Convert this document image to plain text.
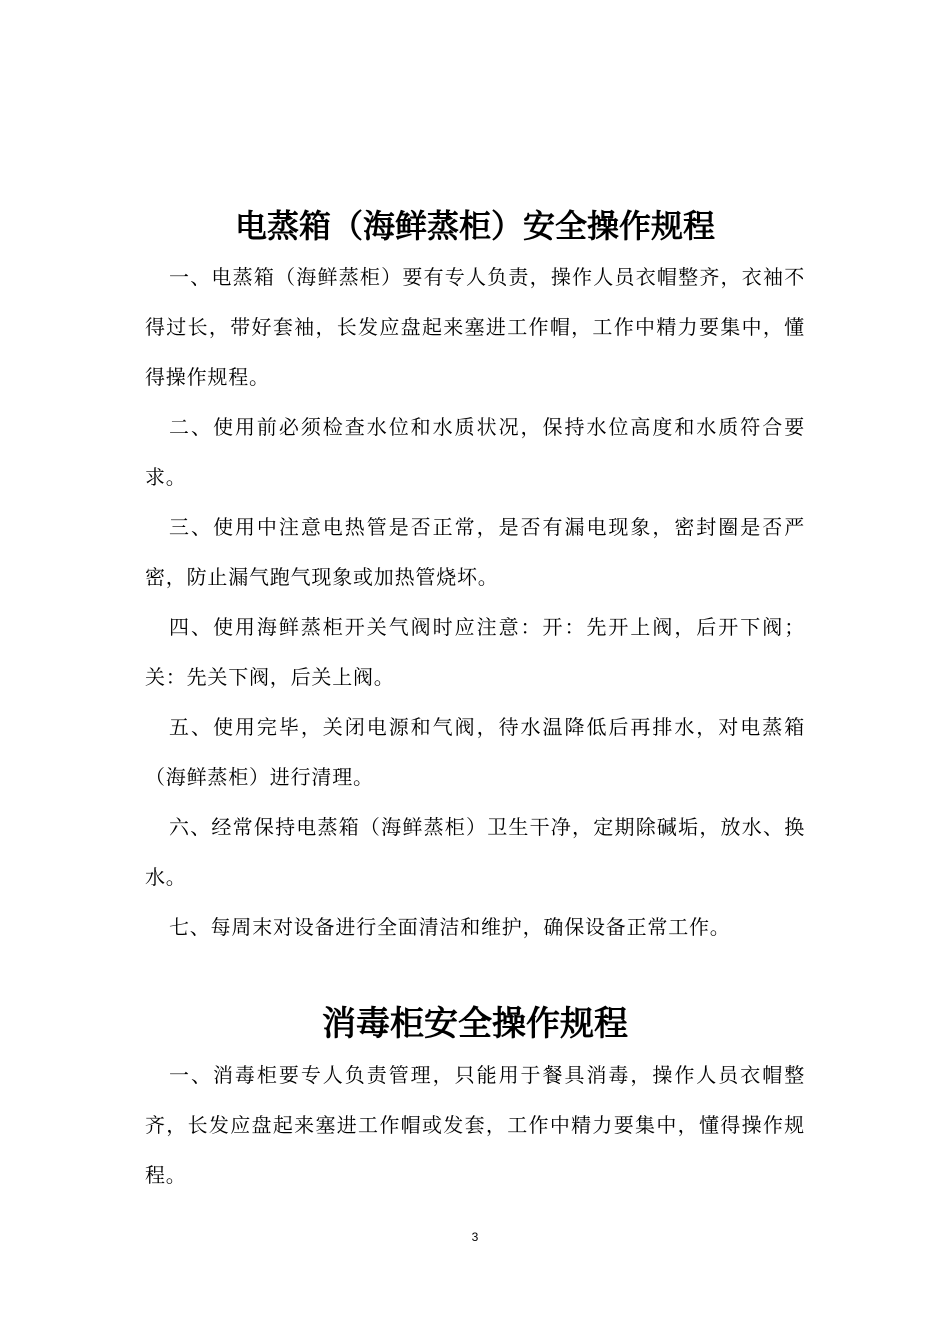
电蒸箱（海鲜蒸柜）安全操作规程

一、电蒸箱（海鲜蒸柜）要有专人负责，操作人员衣帽整齐，衣袖不得过长，带好套袖，长发应盘起来塞进工作帽，工作中精力要集中，懂得操作规程。

二、使用前必须检查水位和水质状况，保持水位高度和水质符合要求。

三、使用中注意电热管是否正常，是否有漏电现象，密封圈是否严密，防止漏气跑气现象或加热管烧坏。

四、使用海鲜蒸柜开关气阀时应注意：开：先开上阀，后开下阀；关：先关下阀，后关上阀。

五、使用完毕，关闭电源和气阀，待水温降低后再排水，对电蒸箱（海鲜蒸柜）进行清理。

六、经常保持电蒸箱（海鲜蒸柜）卫生干净，定期除碱垢，放水、换水。

七、每周末对设备进行全面清洁和维护，确保设备正常工作。

消毒柜安全操作规程

一、消毒柜要专人负责管理，只能用于餐具消毒，操作人员衣帽整齐，长发应盘起来塞进工作帽或发套，工作中精力要集中，懂得操作规程。

3
